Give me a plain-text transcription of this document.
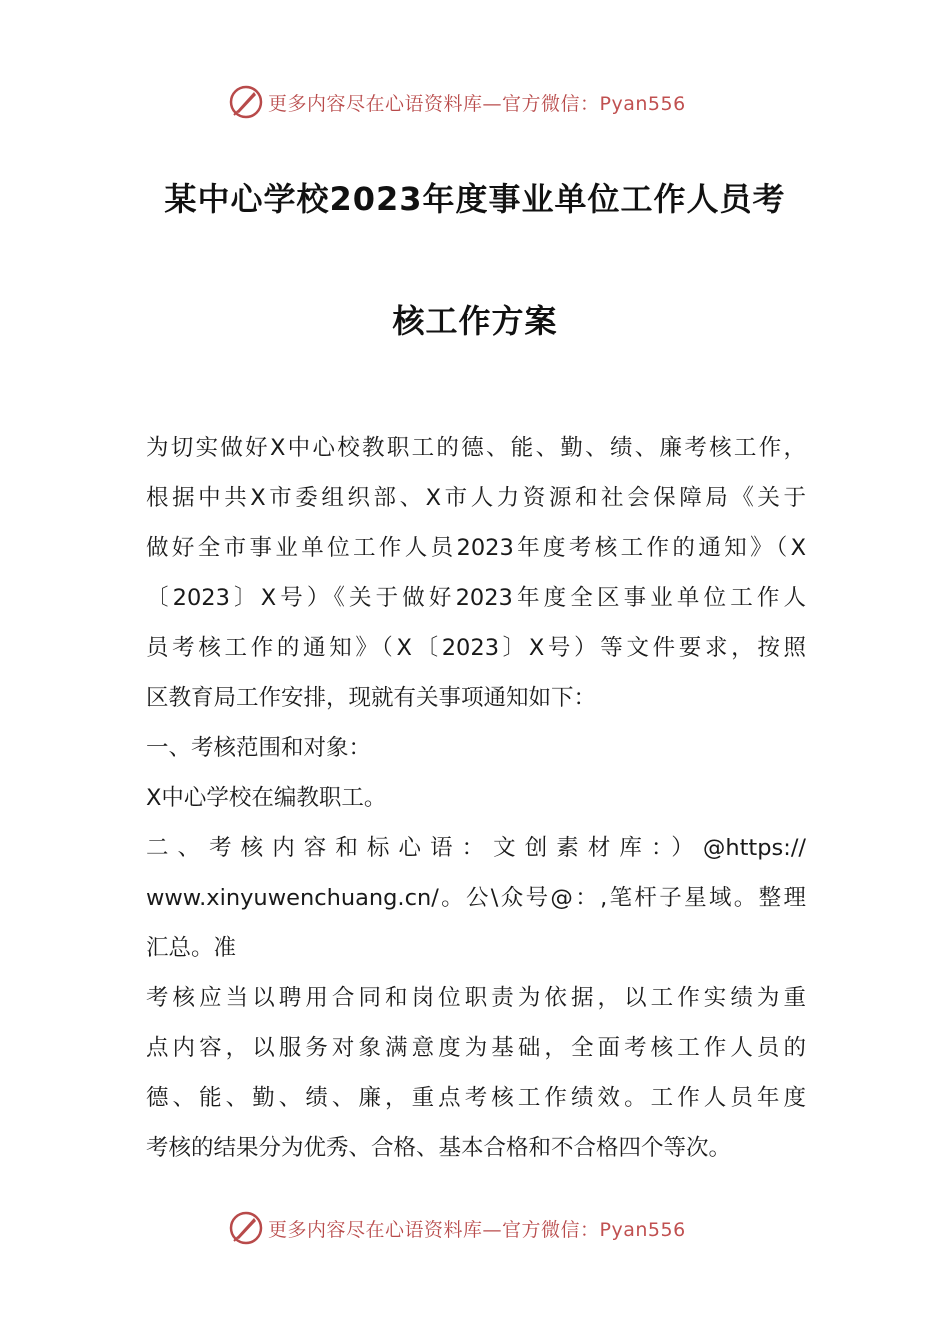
更多内容尽在心语资料库—官方微信：Pyan556
某中心学校2023年度事业单位工作人员考
核工作方案
为切实做好X中心校教职工的德、能、勤、绩、廉考核工作，
根据中共X市委组织部、X市人力资源和社会保障局《关于
做好全市事业单位工作人员2023年度考核工作的通知》（X
〔2023〕X号）《关于做好2023年度全区事业单位工作人
员考核工作的通知》（X〔2023〕X号）等文件要求，按照
区教育局工作安排，现就有关事项通知如下：
一、考核范围和对象：
X中心学校在编教职工。
二、考核内容和标心语：文创素材库：）@https://
www.xinyuwenchuang.cn/。公\众号@：,笔杆子星域。整理
汇总。准
考核应当以聘用合同和岗位职责为依据，以工作实绩为重
点内容，以服务对象满意度为基础，全面考核工作人员的
德、能、勤、绩、廉，重点考核工作绩效。工作人员年度
考核的结果分为优秀、合格、基本合格和不合格四个等次。
更多内容尽在心语资料库—官方微信：Pyan556
